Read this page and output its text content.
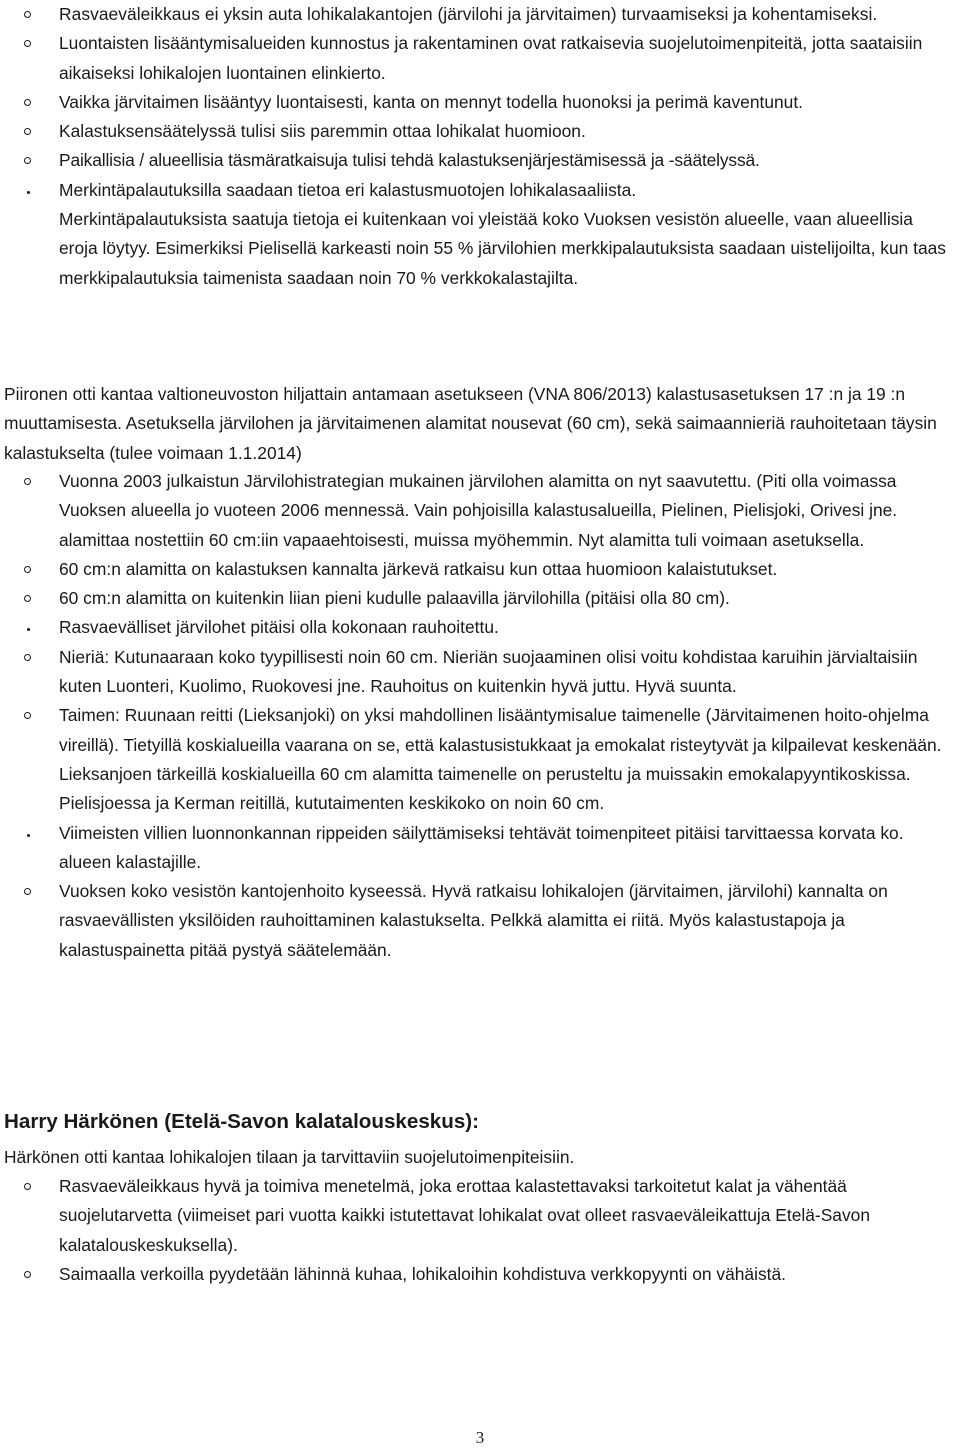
Rasvaeväleikkaus ei yksin auta lohikalakantojen (järvilohi ja järvitaimen) turvaamiseksi ja kohentamiseksi.
Luontaisten lisääntymisalueiden kunnostus ja rakentaminen ovat ratkaisevia suojelutoimenpiteitä, jotta saataisiin aikaiseksi lohikalojen luontainen elinkierto.
Vaikka järvitaimen lisääntyy luontaisesti, kanta on mennyt todella huonoksi ja perimä kaventunut.
Kalastuksensäätelyssä tulisi siis paremmin ottaa lohikalat huomioon.
Paikallisia / alueellisia täsmäratkaisuja tulisi tehdä kalastuksenjärjestämisessä ja -säätelyssä.
Merkintäpalautuksilla saadaan tietoa eri kalastusmuotojen lohikalasaaliista.
Merkintäpalautuksista saatuja tietoja ei kuitenkaan voi yleistää koko Vuoksen vesistön alueelle, vaan alueellisia eroja löytyy. Esimerkiksi Pielisellä karkeasti noin 55 % järvilohien merkkipalautuksista saadaan uistelijoilta, kun taas merkkipalautuksia taimenista saadaan noin 70 % verkkokalastajilta.

Piironen otti kantaa valtioneuvoston hiljattain antamaan asetukseen (VNA 806/2013) kalastusasetuksen 17 :n ja 19 :n muuttamisesta. Asetuksella järvilohen ja järvitaimenen alamitat nousevat (60 cm), sekä saimaannieriä rauhoitetaan täysin kalastukselta (tulee voimaan 1.1.2014)

Vuonna 2003 julkaistun Järvilohistrategian mukainen järvilohen alamitta on nyt saavutettu. (Piti olla voimassa Vuoksen alueella jo vuoteen 2006 mennessä. Vain pohjoisilla kalastusalueilla, Pielinen, Pielisjoki, Orivesi jne. alamittaa nostettiin 60 cm:iin vapaaehtoisesti, muissa myöhemmin. Nyt alamitta tuli voimaan asetuksella.
60 cm:n alamitta on kalastuksen kannalta järkevä ratkaisu kun ottaa huomioon kalaistutukset.
60 cm:n alamitta on kuitenkin liian pieni kudulle palaavilla järvilohilla (pitäisi olla 80 cm).
Rasvaevälliset järvilohet pitäisi olla kokonaan rauhoitettu.
Nieriä: Kutunaaraan koko tyypillisesti noin 60 cm. Nieriän suojaaminen olisi voitu kohdistaa karuihin järvialtaisiin kuten Luonteri, Kuolimo, Ruokovesi jne. Rauhoitus on kuitenkin hyvä juttu. Hyvä suunta.
Taimen: Ruunaan reitti (Lieksanjoki) on yksi mahdollinen lisääntymisalue taimenelle (Järvitaimenen hoito-ohjelma vireillä). Tietyillä koskialueilla vaarana on se, että kalastusistukkaat ja emokalat risteytyvät ja kilpailevat keskenään. Lieksanjoen tärkeillä koskialueilla 60 cm alamitta taimenelle on perusteltu ja muissakin emokalapyyntikoskissa. Pielisjoessa ja Kerman reitillä, kututaimenten keskikoko on noin 60 cm.
Viimeisten villien luonnonkannan rippeiden säilyttämiseksi tehtävät toimenpiteet pitäisi tarvittaessa korvata ko. alueen kalastajille.
Vuoksen koko vesistön kantojenhoito kyseessä. Hyvä ratkaisu lohikalojen (järvitaimen, järvilohi) kannalta on rasvaevällisten yksilöiden rauhoittaminen kalastukselta. Pelkkä alamitta ei riitä. Myös kalastustapoja ja kalastuspainetta pitää pystyä säätelemään.
Harry Härkönen (Etelä-Savon kalatalouskeskus):

Härkönen otti kantaa lohikalojen tilaan ja tarvittaviin suojelutoimenpiteisiin.

Rasvaeväleikkaus hyvä ja toimiva menetelmä, joka erottaa kalastettavaksi tarkoitetut kalat ja vähentää suojelutarvetta (viimeiset pari vuotta kaikki istutettavat lohikalat ovat olleet rasvaeväleikattuja Etelä-Savon kalatalouskeskuksella).
Saimaalla verkoilla pyydetään lähinnä kuhaa, lohikaloihin kohdistuva verkkopyynti on vähäistä.
3
